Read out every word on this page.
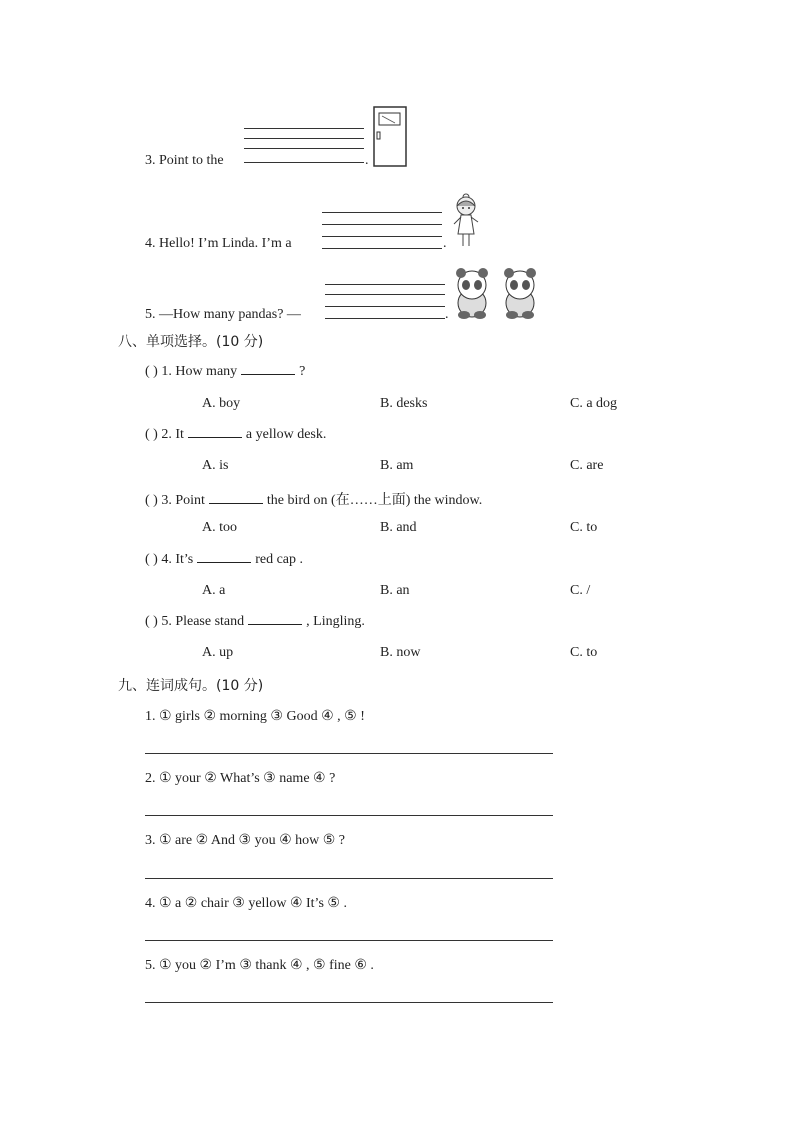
3. Point to the	.
4. Hello! I’m Linda. I’m a	.
5. —How many pandas? —	.
八、单项选择。(10 分)
( ) 1. How many	?
A. boy	B. desks	C. a dog
( ) 2. It	a yellow desk.
A. is	B. am	C. are
( ) 3. Point	the bird on (在……上面) the window.
A. too	B. and	C. to
( ) 4. It’s	red cap .
A. a	B. an	C. /
( ) 5. Please stand	, Lingling.
A. up	B. now	C. to
九、连词成句。(10 分)
1. ① girls ② morning ③ Good ④ , ⑤ !
2. ① your ② What’s ③ name ④ ?
3. ① are ② And ③ you ④ how ⑤ ?
4. ① a ② chair ③ yellow ④ It’s ⑤ .
5. ① you ② I’m ③ thank ④ , ⑤ fine ⑥ .
